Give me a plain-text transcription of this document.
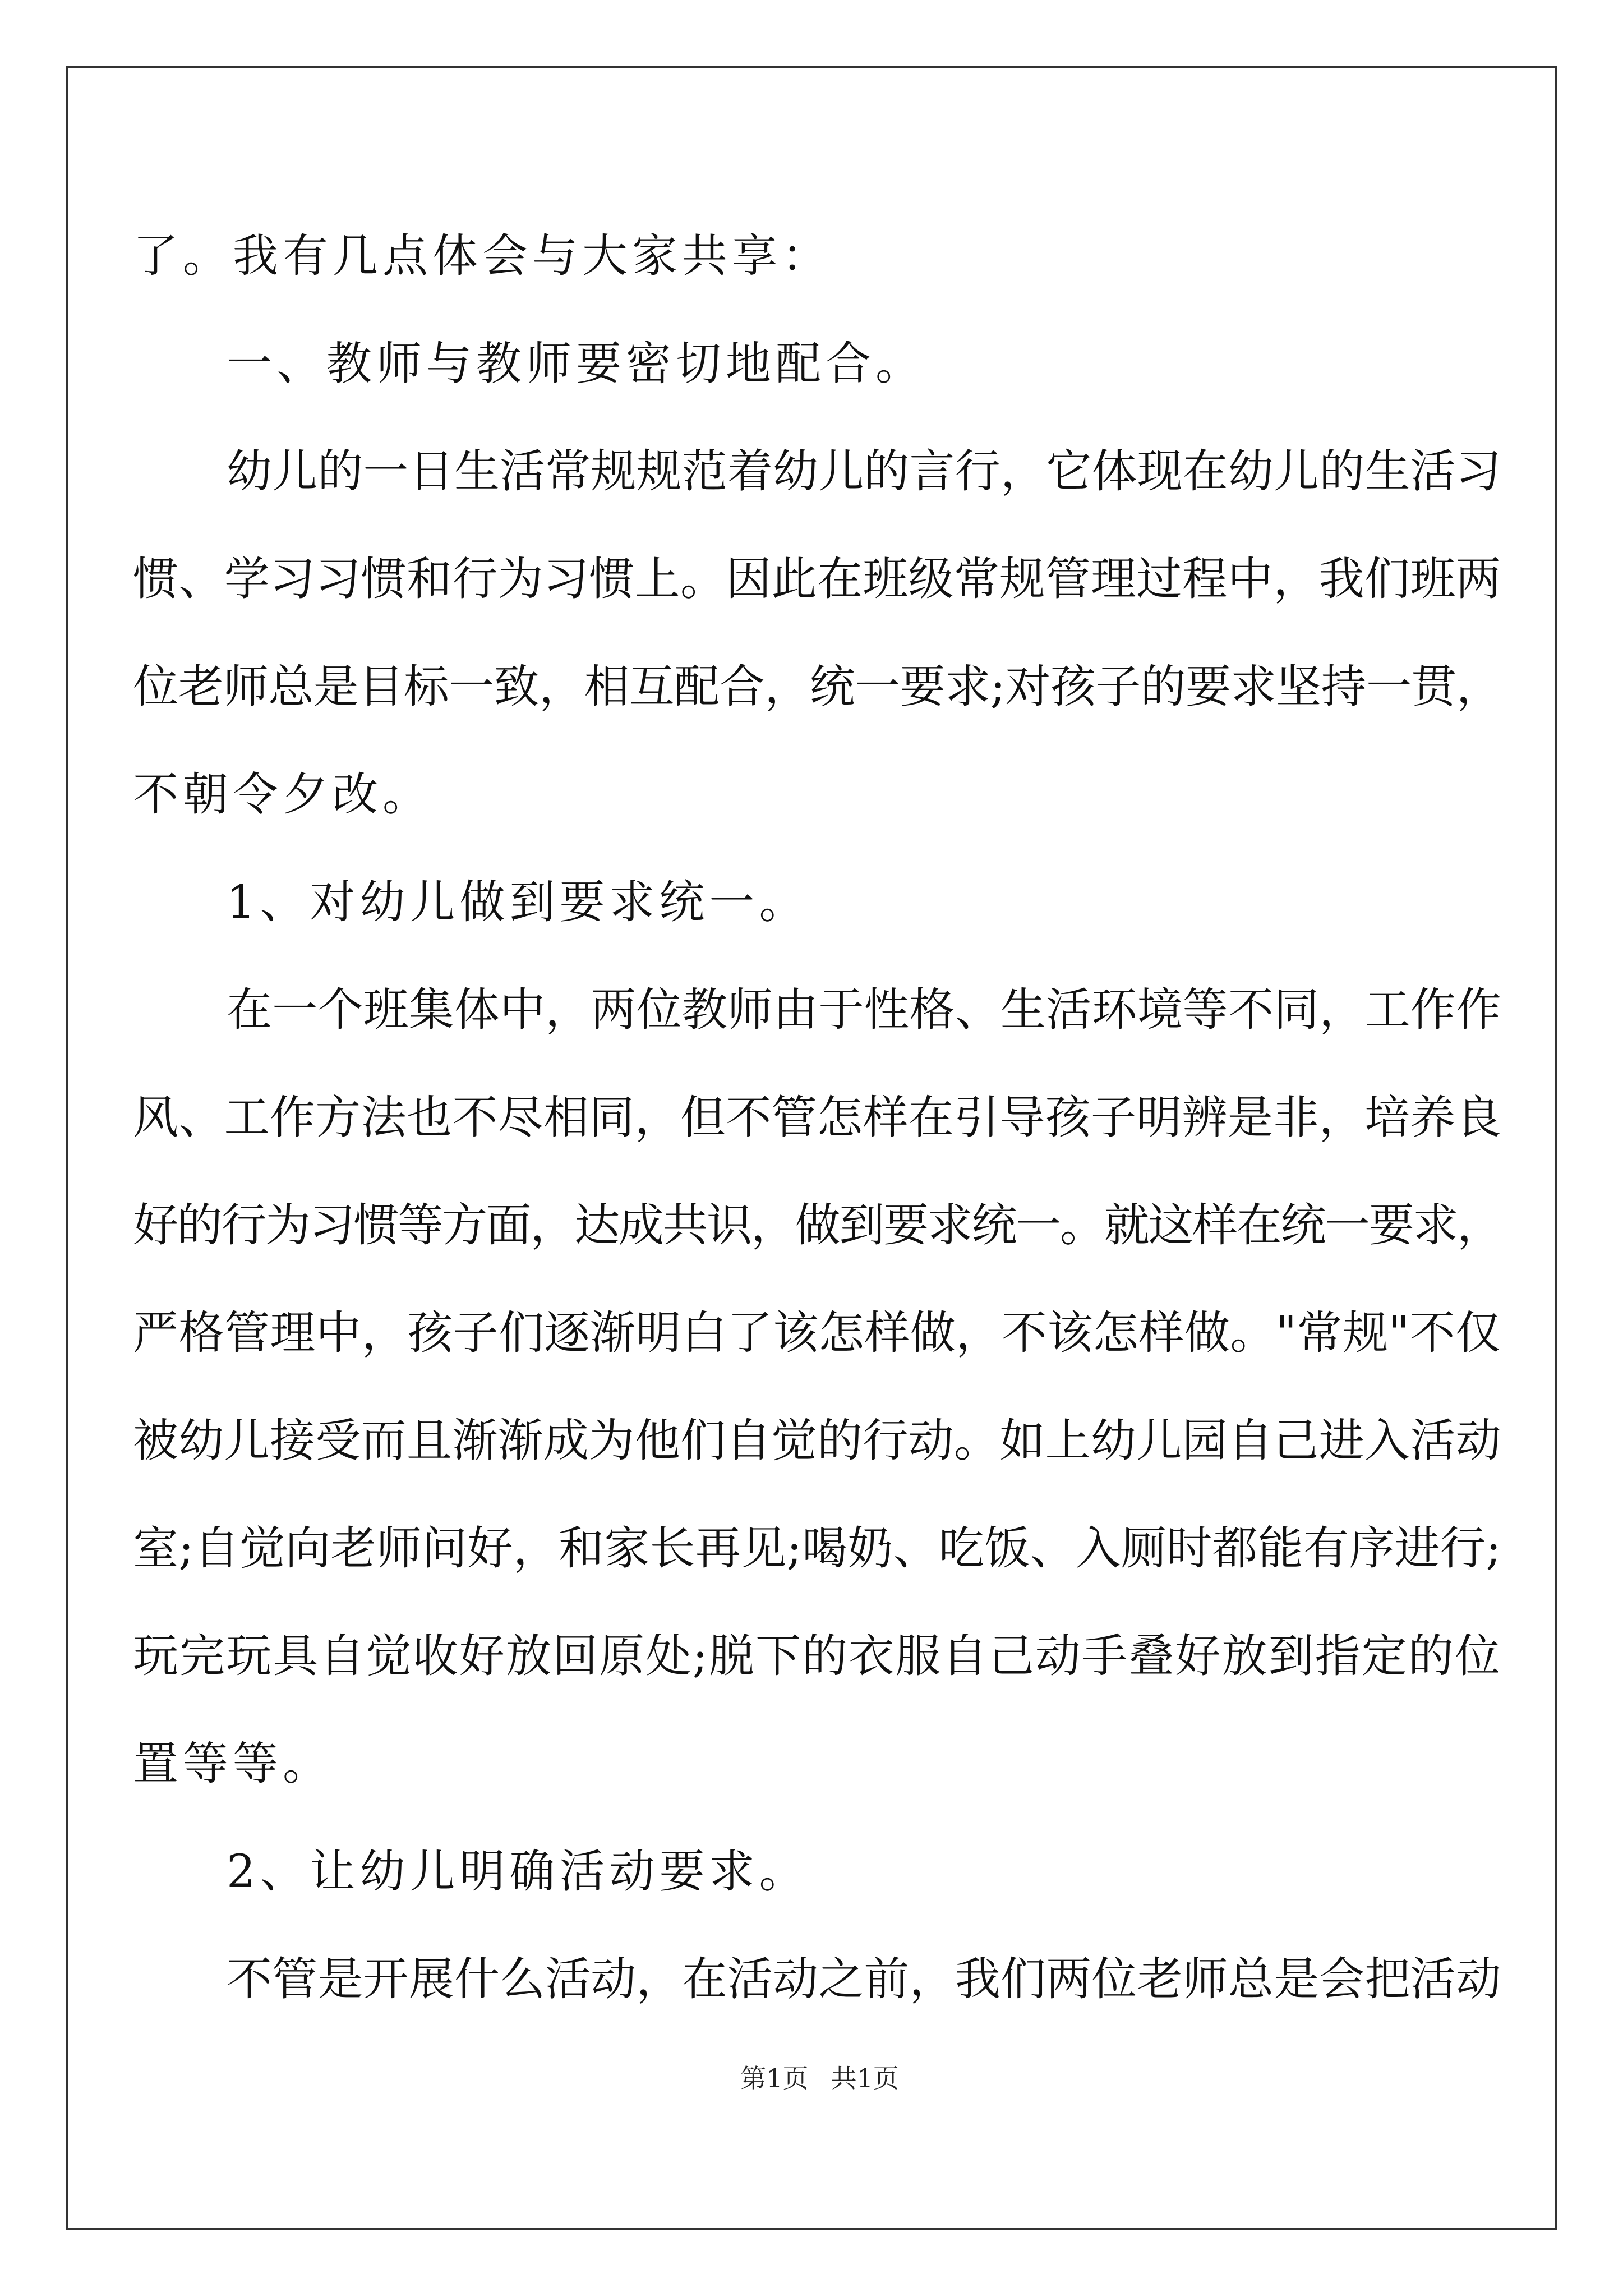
了。我有几点体会与大家共享：
一、教师与教师要密切地配合。
幼儿的一日生活常规规范着幼儿的言行，它体现在幼儿的生活习
惯、学习习惯和行为习惯上。因此在班级常规管理过程中，我们班两
位老师总是目标一致，相互配合，统一要求;对孩子的要求坚持一贯，
不朝令夕改。
1、对幼儿做到要求统一。
在一个班集体中，两位教师由于性格、生活环境等不同，工作作
风、工作方法也不尽相同，但不管怎样在引导孩子明辨是非，培养良
好的行为习惯等方面，达成共识，做到要求统一。就这样在统一要求，
严格管理中，孩子们逐渐明白了该怎样做，不该怎样做。"常规"不仅
被幼儿接受而且渐渐成为他们自觉的行动。如上幼儿园自己进入活动
室;自觉向老师问好，和家长再见;喝奶、吃饭、入厕时都能有序进行;
玩完玩具自觉收好放回原处;脱下的衣服自己动手叠好放到指定的位
置等等。
2、让幼儿明确活动要求。
不管是开展什么活动，在活动之前，我们两位老师总是会把活动

第1页 共1页
